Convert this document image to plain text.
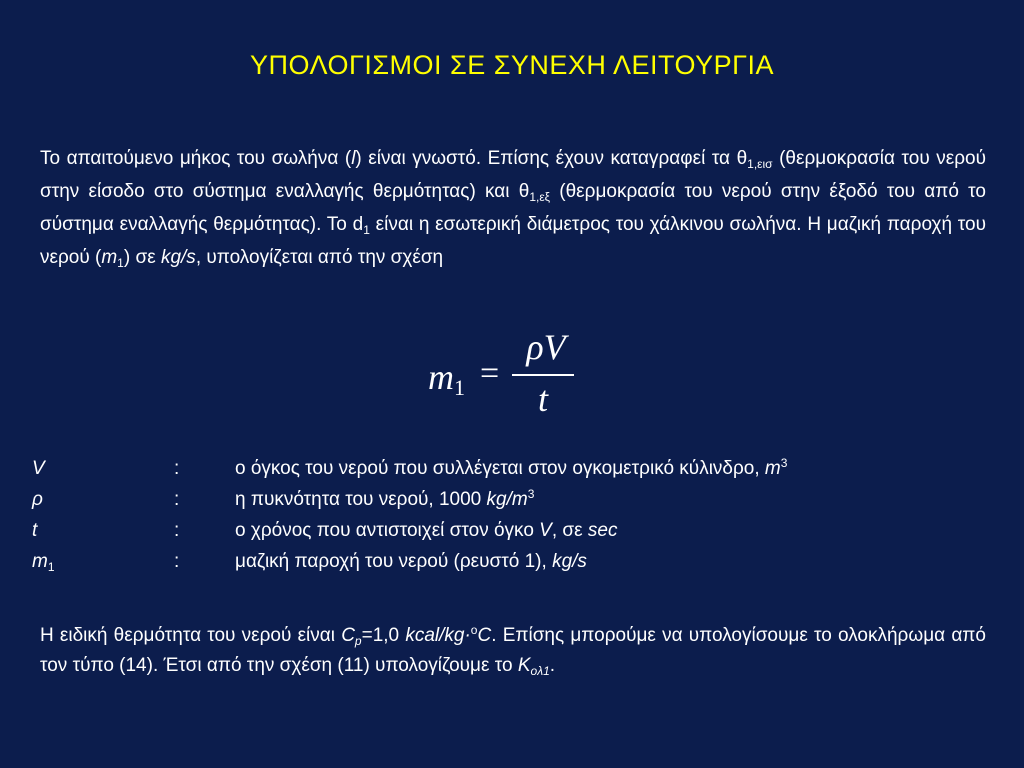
ΥΠΟΛΟΓΙΣΜΟΙ ΣΕ ΣΥΝΕΧΗ ΛΕΙΤΟΥΡΓΙΑ
Το απαιτούμενο μήκος του σωλήνα (l) είναι γνωστό. Επίσης έχουν καταγραφεί τα $\theta_{1,\varepsilon\iota\sigma}$ (θερμοκρασία του νερού στην είσοδο στο σύστημα εναλλαγής θερμότητας) και $\theta_{1,\varepsilon\xi}$ (θερμοκρασία του νερού στην έξοδό του από το σύστημα εναλλαγής θερμότητας). Το $d_1$ είναι η εσωτερική διάμετρος του χάλκινου σωλήνα. Η μαζική παροχή του νερού $(m_1)$ σε kg/s, υπολογίζεται από την σχέση
$m_1$ =
ρV
t
V	:	ο όγκος του νερού που συλλέγεται στον ογκομετρικό κύλινδρο, $m^3$
ρ	:	η πυκνότητα του νερού, 1000 $kg/m^3$
t	:	ο χρόνος που αντιστοιχεί στον όγκο V, σε sec
$m_1$	:	μαζική παροχή του νερού (ρευστό 1), kg/s
Η ειδική θερμότητα του νερού είναι $C_p=1,0$ kcal/kg·$^o$C. Επίσης μπορούμε να υπολογίσουμε το ολοκλήρωμα από τον τύπο (14). Έτσι από την σχέση (11) υπολογίζουμε το $K_{o\lambda 1}$.
